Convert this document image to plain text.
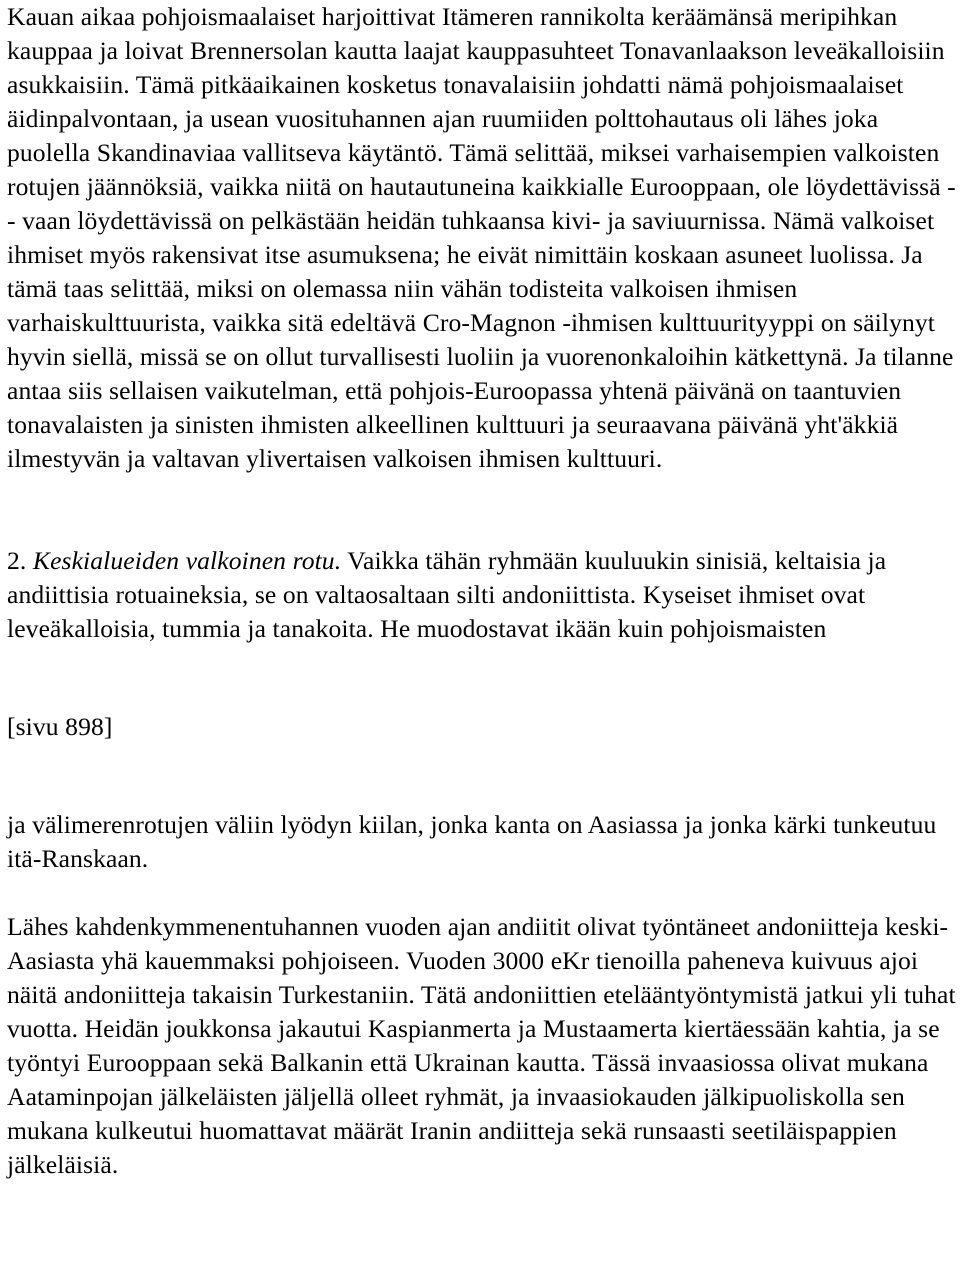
Kauan aikaa pohjoismaalaiset harjoittivat Itämeren rannikolta keräämänsä meripihkan kauppaa ja loivat Brennersolan kautta laajat kauppasuhteet Tonavanlaakson leveäkalloisiin asukkaisiin. Tämä pitkäaikainen kosketus tonavalaisiin johdatti nämä pohjoismaalaiset äidinpalvontaan, ja usean vuosituhannen ajan ruumiiden polttohautaus oli lähes joka puolella Skandinaviaa vallitseva käytäntö. Tämä selittää, miksei varhaisempien valkoisten rotujen jäännöksiä, vaikka niitä on hautautuneina kaikkialle Eurooppaan, ole löydettävissä -- vaan löydettävissä on pelkästään heidän tuhkaansa kivi- ja saviuurnissa. Nämä valkoiset ihmiset myös rakensivat itse asumuksena; he eivät nimittäin koskaan asuneet luolissa. Ja tämä taas selittää, miksi on olemassa niin vähän todisteita valkoisen ihmisen varhaiskulttuurista, vaikka sitä edeltävä Cro-Magnon -ihmisen kulttuurityyppi on säilynyt hyvin siellä, missä se on ollut turvallisesti luoliin ja vuorenonkaloihin kätkettynä. Ja tilanne antaa siis sellaisen vaikutelman, että pohjois-Euroopassa yhtenä päivänä on taantuvien tonavalaisten ja sinisten ihmisten alkeellinen kulttuuri ja seuraavana päivänä yht'äkkiä ilmestyvän ja valtavan ylivertaisen valkoisen ihmisen kulttuuri.

2. Keskialueiden valkoinen rotu. Vaikka tähän ryhmään kuuluukin sinisiä, keltaisia ja andiittisia rotuaineksia, se on valtaosaltaan silti andoniittista. Kyseiset ihmiset ovat leveäkalloisia, tummia ja tanakoita. He muodostavat ikään kuin pohjoismaisten

[sivu 898]

ja välimerenrotujen väliin lyödyn kiilan, jonka kanta on Aasiassa ja jonka kärki tunkeutuu itä-Ranskaan.

Lähes kahdenkymmenentuhannen vuoden ajan andiitit olivat työntäneet andoniitteja keski-Aasiasta yhä kauemmaksi pohjoiseen. Vuoden 3000 eKr tienoilla paheneva kuivuus ajoi näitä andoniitteja takaisin Turkestaniin. Tätä andoniittien etelääntyöntymistä jatkui yli tuhat vuotta. Heidän joukkonsa jakautui Kaspianmerta ja Mustaamerta kiertäessään kahtia, ja se työntyi Eurooppaan sekä Balkanin että Ukrainan kautta. Tässä invaasiossa olivat mukana Aataminpojan jälkeläisten jäljellä olleet ryhmät, ja invaasiokauden jälkipuoliskolla sen mukana kulkeutui huomattavat määrät Iranin andiitteja sekä runsaasti seetiläispappien jälkeläisiä.
